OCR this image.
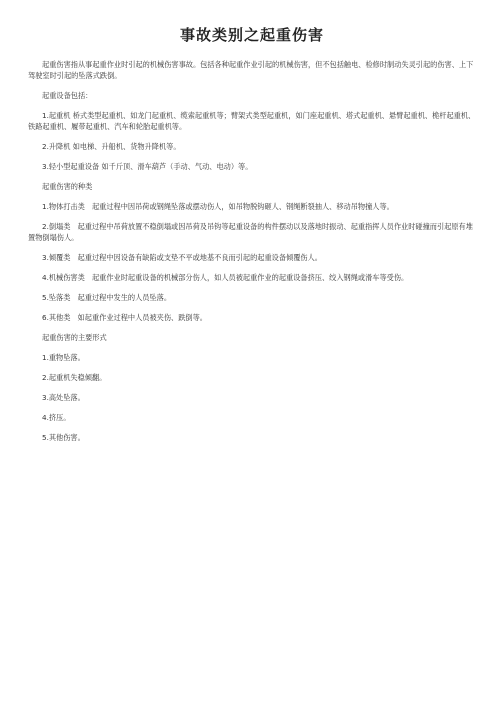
事故类别之起重伤害

起重伤害指从事起重作业时引起的机械伤害事故。包括各种起重作业引起的机械伤害，但不包括触电、检修时制动失灵引起的伤害、上下驾驶室时引起的坠落式跌倒。

起重设备包括：

1.起重机 桥式类型起重机、如龙门起重机、缆索起重机等；臂架式类型起重机，如门座起重机、塔式起重机、悬臂起重机、桅杆起重机、铁路起重机、履带起重机、汽车和轮胎起重机等。

2.升降机 如电梯、升船机、货物升降机等。

3.轻小型起重设备 如千斤顶、滑车葫芦（手动、气动、电动）等。

起重伤害的种类

1.物体打击类　起重过程中因吊荷或钢绳坠落或摆动伤人，如吊物脱钩砸人、钢绳断裂抽人、移动吊物撞人等。

2.倒塌类　起重过程中吊荷放置不稳倒塌或因吊荷及吊钩等起重设备的构件摆动以及落地时振动、起重指挥人员作业时碰撞而引起原有堆置物倒塌伤人。

3.倾覆类　起重过程中因设备有缺陷或支垫不平或地基不良而引起的起重设备倾覆伤人。

4.机械伤害类　起重作业时起重设备的机械部分伤人，如人员被起重作业的起重设备挤压、绞入钢绳或滑车等受伤。

5.坠落类　起重过程中发生的人员坠落。

6.其他类　如起重作业过程中人员被夹伤、跌倒等。

起重伤害的主要形式

1.重物坠落。

2.起重机失稳倾翻。

3.高处坠落。

4.挤压。

5.其他伤害。
